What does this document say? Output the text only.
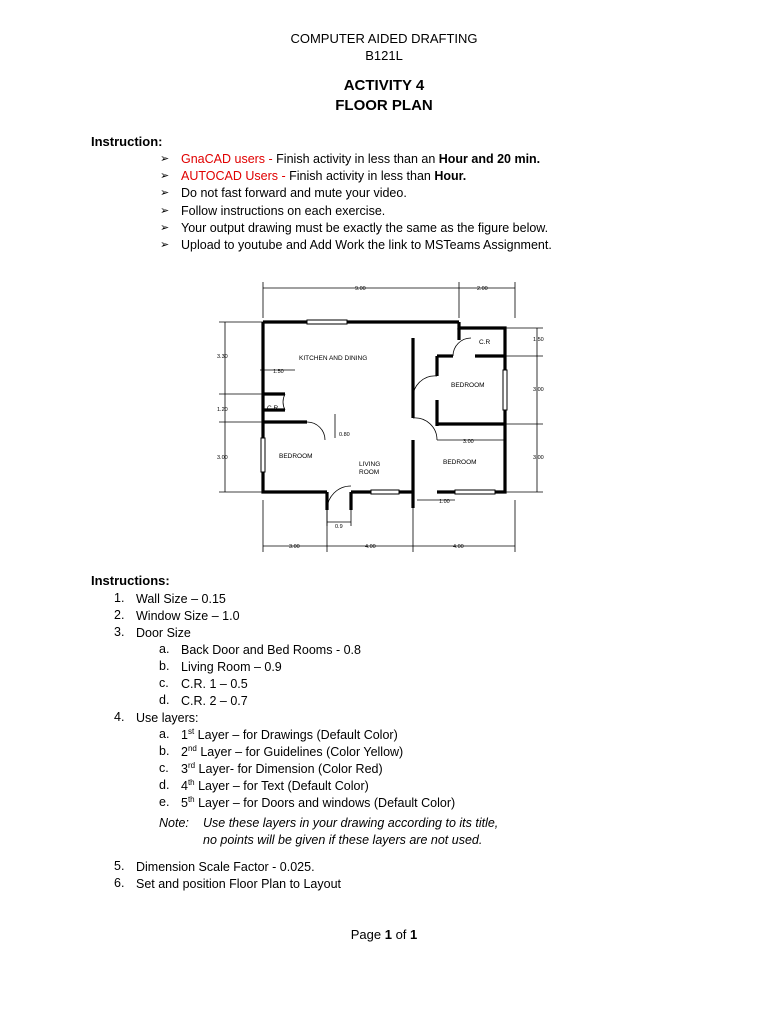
COMPUTER AIDED DRAFTING
B121L
ACTIVITY 4
FLOOR PLAN
Instruction:
➢ GnaCAD users - Finish activity in less than an Hour and 20 min.
➢ AUTOCAD Users - Finish activity in less than Hour.
➢ Do not fast forward and mute your video.
➢ Follow instructions on each exercise.
➢ Your output drawing must be exactly the same as the figure below.
➢ Upload to youtube and Add Work the link to MSTeams Assignment.
KITCHEN AND DINING
C.R
C.R
BEDROOM
BEDROOM
BEDROOM
LIVING
ROOM
9.00	2.00
1.50
3.30
1.50
3.00
1.20
0.80
3.00
3.00	3.00
1.00
0.9
3.00	4.00	4.00
Instructions:
1. Wall Size – 0.15
2. Window Size – 1.0
3. Door Size
a. Back Door and Bed Rooms - 0.8
b. Living Room – 0.9
c. C.R. 1 – 0.5
d. C.R. 2 – 0.7
4. Use layers:
a. 1st Layer – for Drawings (Default Color)
b. 2nd Layer – for Guidelines (Color Yellow)
c. 3rd Layer- for Dimension (Color Red)
d. 4th Layer – for Text (Default Color)
e. 5th Layer – for Doors and windows (Default Color)
Note: Use these layers in your drawing according to its title,
no points will be given if these layers are not used.
5. Dimension Scale Factor - 0.025.
6. Set and position Floor Plan to Layout
Page 1 of 1
